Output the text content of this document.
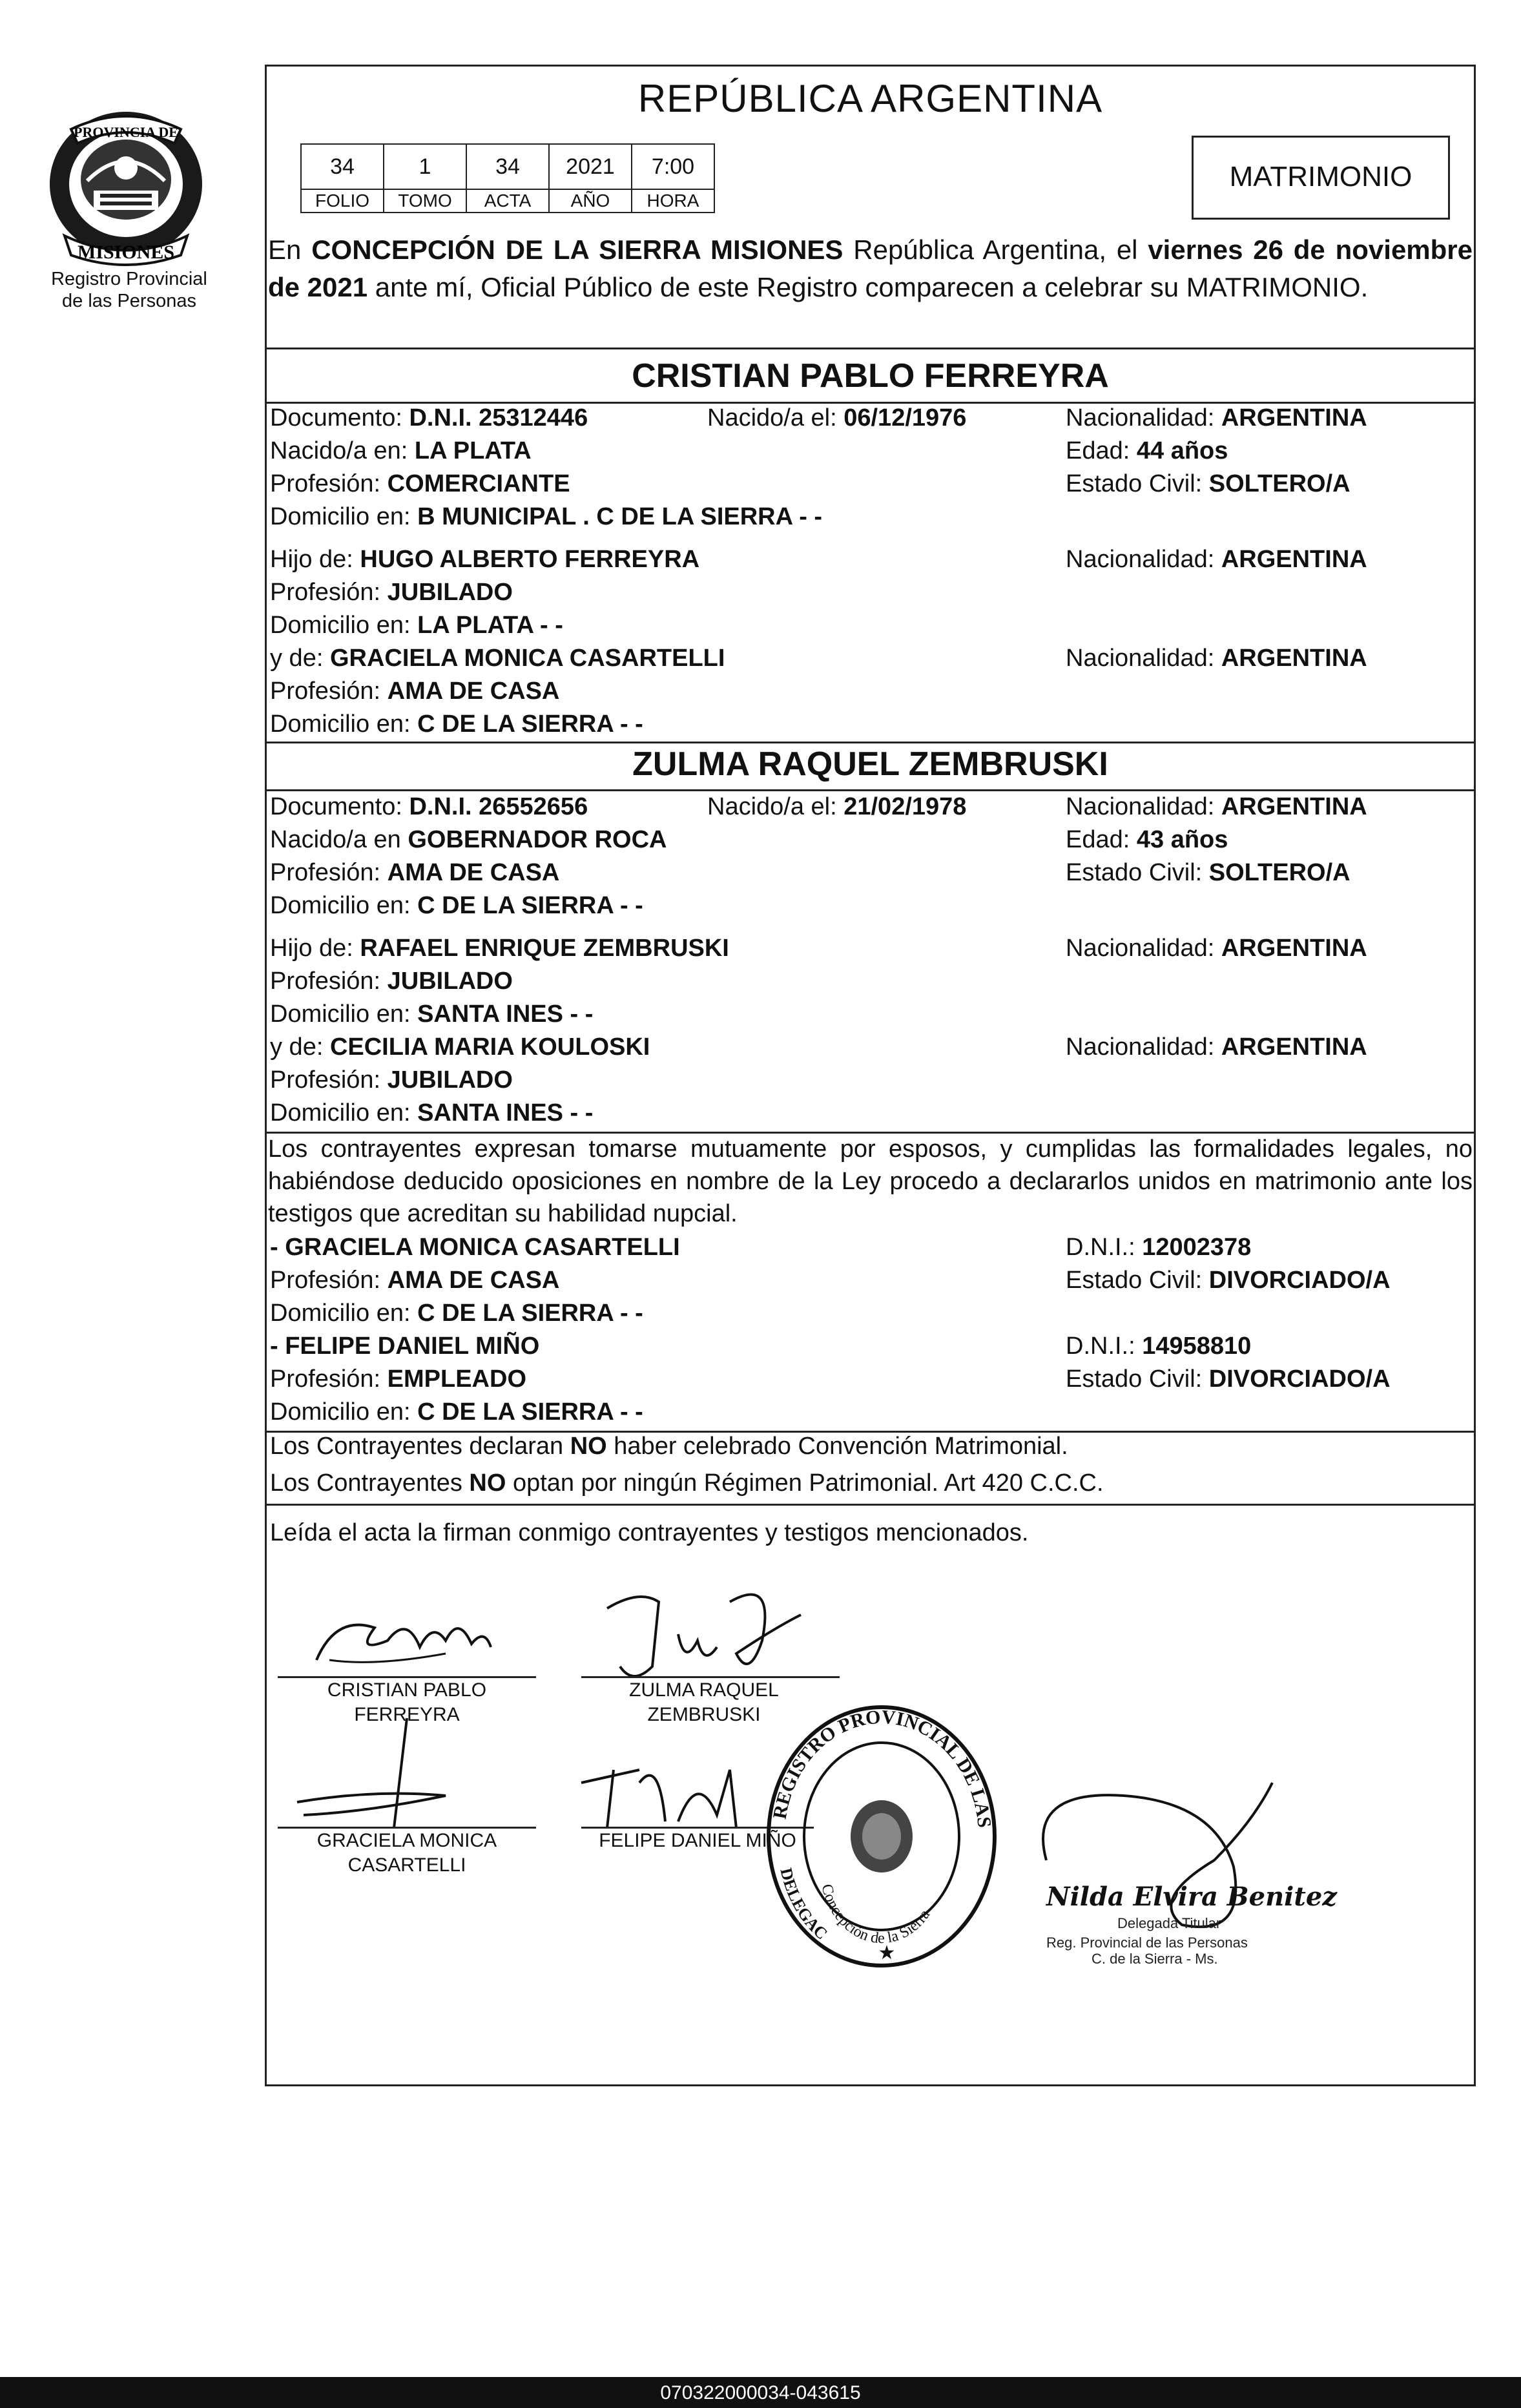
PROVINCIA DE
MISIONES
Registro Provincial
de las Personas
REPÚBLICA ARGENTINA
34	1	34	2021	7:00
FOLIO	TOMO	ACTA	AÑO	HORA
MATRIMONIO
En CONCEPCIÓN DE LA SIERRA MISIONES República Argentina, el viernes 26 de noviembre de 2021 ante mí, Oficial Público de este Registro comparecen a celebrar su MATRIMONIO.
CRISTIAN PABLO FERREYRA
Documento: D.N.I. 25312446	Nacido/a el: 06/12/1976	Nacionalidad: ARGENTINA
Nacido/a en: LA PLATA	Edad: 44 años
Profesión: COMERCIANTE	Estado Civil: SOLTERO/A
Domicilio en: B MUNICIPAL . C DE LA SIERRA - -
Hijo de: HUGO ALBERTO FERREYRA	Nacionalidad: ARGENTINA
Profesión: JUBILADO
Domicilio en: LA PLATA - -
y de: GRACIELA MONICA CASARTELLI	Nacionalidad: ARGENTINA
Profesión: AMA DE CASA
Domicilio en: C DE LA SIERRA - -
ZULMA RAQUEL ZEMBRUSKI
Documento: D.N.I. 26552656	Nacido/a el: 21/02/1978	Nacionalidad: ARGENTINA
Nacido/a en GOBERNADOR ROCA	Edad: 43 años
Profesión: AMA DE CASA	Estado Civil: SOLTERO/A
Domicilio en: C DE LA SIERRA - -
Hijo de: RAFAEL ENRIQUE ZEMBRUSKI	Nacionalidad: ARGENTINA
Profesión: JUBILADO
Domicilio en: SANTA INES - -
y de: CECILIA MARIA KOULOSKI	Nacionalidad: ARGENTINA
Profesión: JUBILADO
Domicilio en: SANTA INES - -
Los contrayentes expresan tomarse mutuamente por esposos, y cumplidas las formalidades legales, no habiéndose deducido oposiciones en nombre de la Ley procedo a declararlos unidos en matrimonio ante los testigos que acreditan su habilidad nupcial.
- GRACIELA MONICA CASARTELLI	D.N.I.: 12002378
Profesión: AMA DE CASA	Estado Civil: DIVORCIADO/A
Domicilio en: C DE LA SIERRA - -
- FELIPE DANIEL MIÑO	D.N.I.: 14958810
Profesión: EMPLEADO	Estado Civil: DIVORCIADO/A
Domicilio en: C DE LA SIERRA - -
Los Contrayentes declaran NO haber celebrado Convención Matrimonial.
Los Contrayentes NO optan por ningún Régimen Patrimonial. Art 420 C.C.C.
Leída el acta la firman conmigo contrayentes y testigos mencionados.
CRISTIAN PABLO
FERREYRA
ZULMA RAQUEL
ZEMBRUSKI
GRACIELA MONICA
CASARTELLI
FELIPE DANIEL MIÑO
REGISTRO PROVINCIAL DE LAS
Concepción de la Sierra
DELEGAC
★
Nilda Elvira Benitez
Delegada Titular
Reg. Provincial de las Personas
C. de la Sierra - Ms.
070322000034-043615
